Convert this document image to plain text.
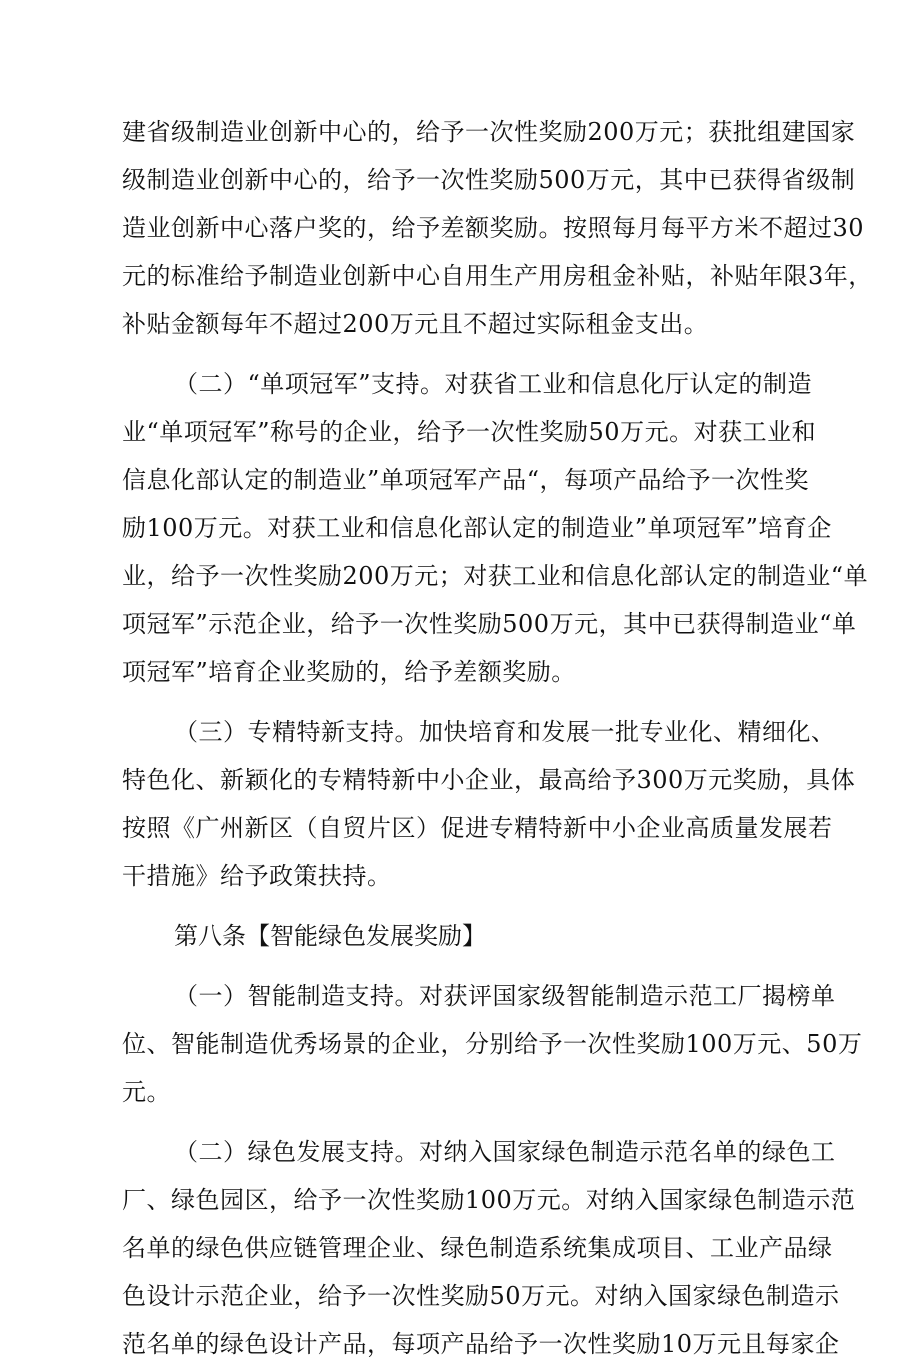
建省级制造业创新中心的，给予一次性奖励200万元；获批组建国家
级制造业创新中心的，给予一次性奖励500万元，其中已获得省级制
造业创新中心落户奖的，给予差额奖励。按照每月每平方米不超过30
元的标准给予制造业创新中心自用生产用房租金补贴，补贴年限3年，
补贴金额每年不超过200万元且不超过实际租金支出。
（二）“单项冠军”支持。对获省工业和信息化厅认定的制造
业“单项冠军”称号的企业，给予一次性奖励50万元。对获工业和
信息化部认定的制造业”单项冠军产品“，每项产品给予一次性奖
励100万元。对获工业和信息化部认定的制造业”单项冠军”培育企
业，给予一次性奖励200万元；对获工业和信息化部认定的制造业“单
项冠军”示范企业，给予一次性奖励500万元，其中已获得制造业“单
项冠军”培育企业奖励的，给予差额奖励。
（三）专精特新支持。加快培育和发展一批专业化、精细化、
特色化、新颖化的专精特新中小企业，最高给予300万元奖励，具体
按照《广州新区（自贸片区）促进专精特新中小企业高质量发展若
干措施》给予政策扶持。
第八条【智能绿色发展奖励】
（一）智能制造支持。对获评国家级智能制造示范工厂揭榜单
位、智能制造优秀场景的企业，分别给予一次性奖励100万元、50万
元。
（二）绿色发展支持。对纳入国家绿色制造示范名单的绿色工
厂、绿色园区，给予一次性奖励100万元。对纳入国家绿色制造示范
名单的绿色供应链管理企业、绿色制造系统集成项目、工业产品绿
色设计示范企业，给予一次性奖励50万元。对纳入国家绿色制造示
范名单的绿色设计产品，每项产品给予一次性奖励10万元且每家企
